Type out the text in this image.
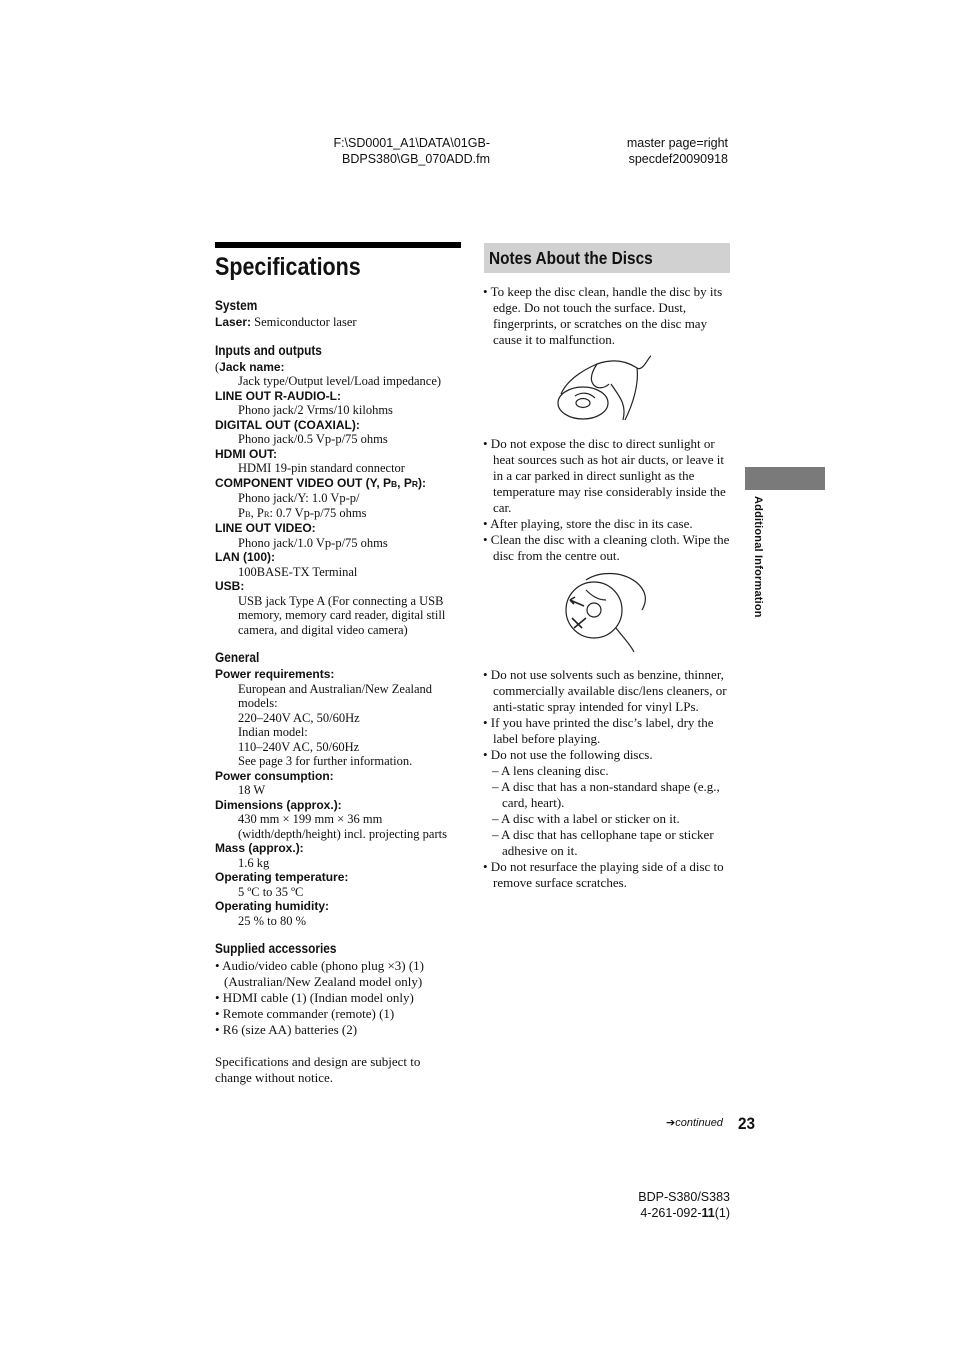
F:\SD0001_A1\DATA\01GB-
BDPS380\GB_070ADD.fm
master page=right
specdef20090918
Specifications
System
Laser: Semiconductor laser
Inputs and outputs
(Jack name:
Jack type/Output level/Load impedance)
LINE OUT R-AUDIO-L:
Phono jack/2 Vrms/10 kilohms
DIGITAL OUT (COAXIAL):
Phono jack/0.5 Vp-p/75 ohms
HDMI OUT:
HDMI 19-pin standard connector
COMPONENT VIDEO OUT (Y, PB, PR):
Phono jack/Y: 1.0 Vp-p/
PB, PR: 0.7 Vp-p/75 ohms
LINE OUT VIDEO:
Phono jack/1.0 Vp-p/75 ohms
LAN (100):
100BASE-TX Terminal
USB:
USB jack Type A (For connecting a USB memory, memory card reader, digital still camera, and digital video camera)
General
Power requirements:
European and Australian/New Zealand
models:
220–240V AC, 50/60Hz
Indian model:
110–240V AC, 50/60Hz
See page 3 for further information.
Power consumption:
18 W
Dimensions (approx.):
430 mm × 199 mm × 36 mm
(width/depth/height) incl. projecting parts
Mass (approx.):
1.6 kg
Operating temperature:
5 ºC to 35 ºC
Operating humidity:
25 % to 80 %
Supplied accessories
• Audio/video cable (phono plug ×3) (1) (Australian/New Zealand model only)
• HDMI cable (1) (Indian model only)
• Remote commander (remote) (1)
• R6 (size AA) batteries (2)
Specifications and design are subject to change without notice.
Notes About the Discs
• To keep the disc clean, handle the disc by its edge. Do not touch the surface. Dust, fingerprints, or scratches on the disc may cause it to malfunction.
• Do not expose the disc to direct sunlight or heat sources such as hot air ducts, or leave it in a car parked in direct sunlight as the temperature may rise considerably inside the car.
• After playing, store the disc in its case.
• Clean the disc with a cleaning cloth. Wipe the disc from the centre out.
• Do not use solvents such as benzine, thinner, commercially available disc/lens cleaners, or anti-static spray intended for vinyl LPs.
• If you have printed the disc’s label, dry the label before playing.
• Do not use the following discs.
– A lens cleaning disc.
– A disc that has a non-standard shape (e.g., card, heart).
– A disc with a label or sticker on it.
– A disc that has cellophane tape or sticker adhesive on it.
• Do not resurface the playing side of a disc to remove surface scratches.
Additional Information
➔continued 23
BDP-S380/S383
4-261-092-11(1)
